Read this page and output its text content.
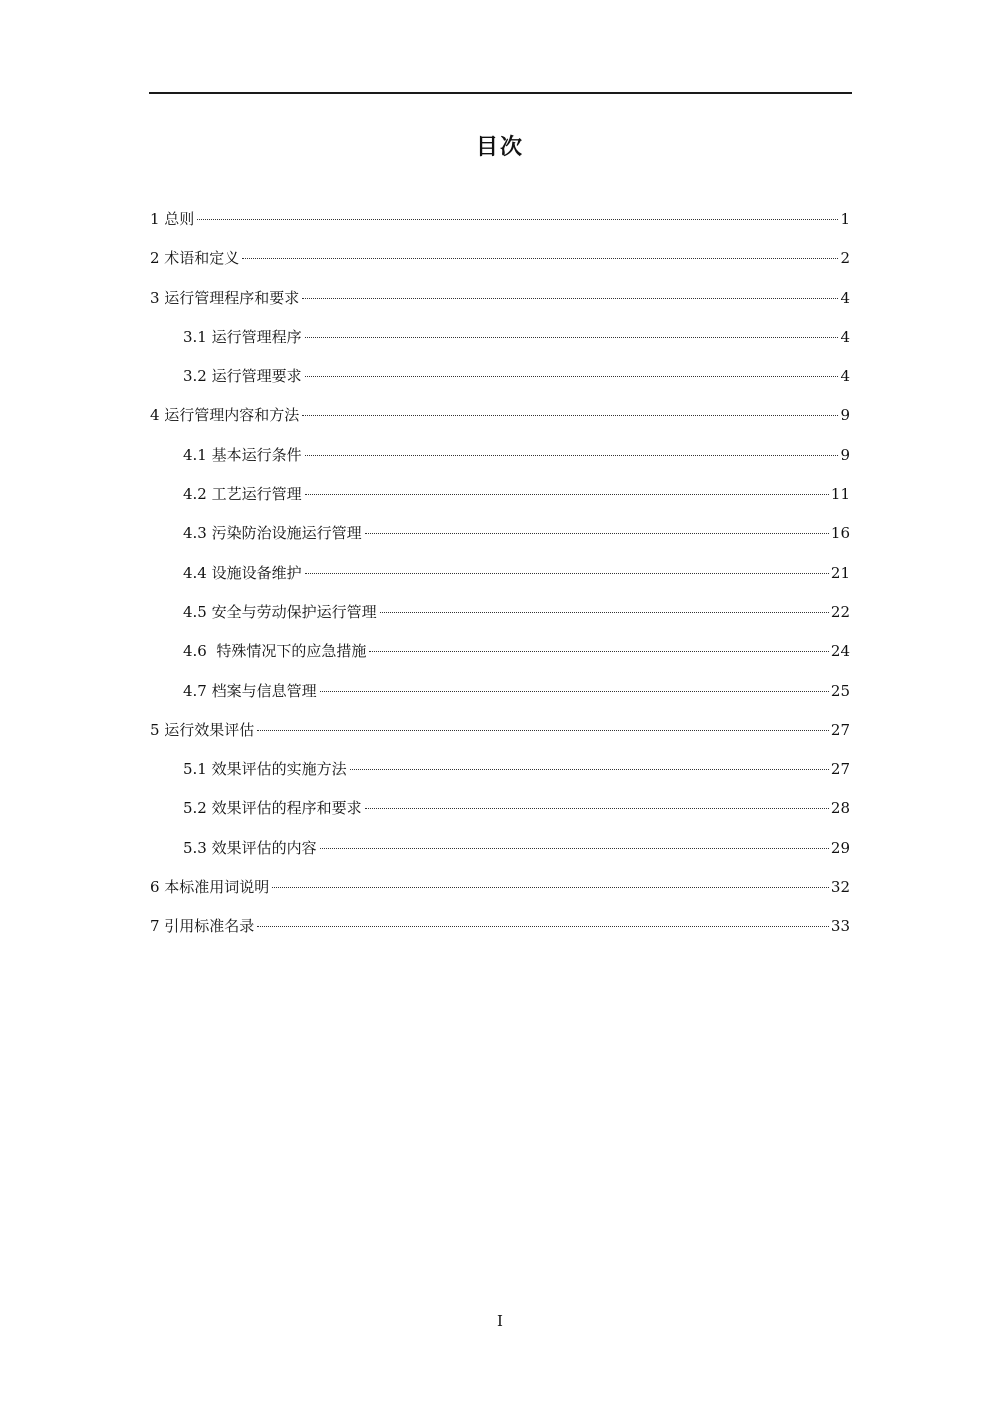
目次
1 总则	1
2 术语和定义	2
3 运行管理程序和要求	4
3.1 运行管理程序	4
3.2 运行管理要求	4
4 运行管理内容和方法	9
4.1 基本运行条件	9
4.2 工艺运行管理	11
4.3 污染防治设施运行管理	16
4.4 设施设备维护	21
4.5 安全与劳动保护运行管理	22
4.6  特殊情况下的应急措施	24
4.7 档案与信息管理	25
5 运行效果评估	27
5.1 效果评估的实施方法	27
5.2 效果评估的程序和要求	28
5.3 效果评估的内容	29
6 本标准用词说明	32
7 引用标准名录	33
I
